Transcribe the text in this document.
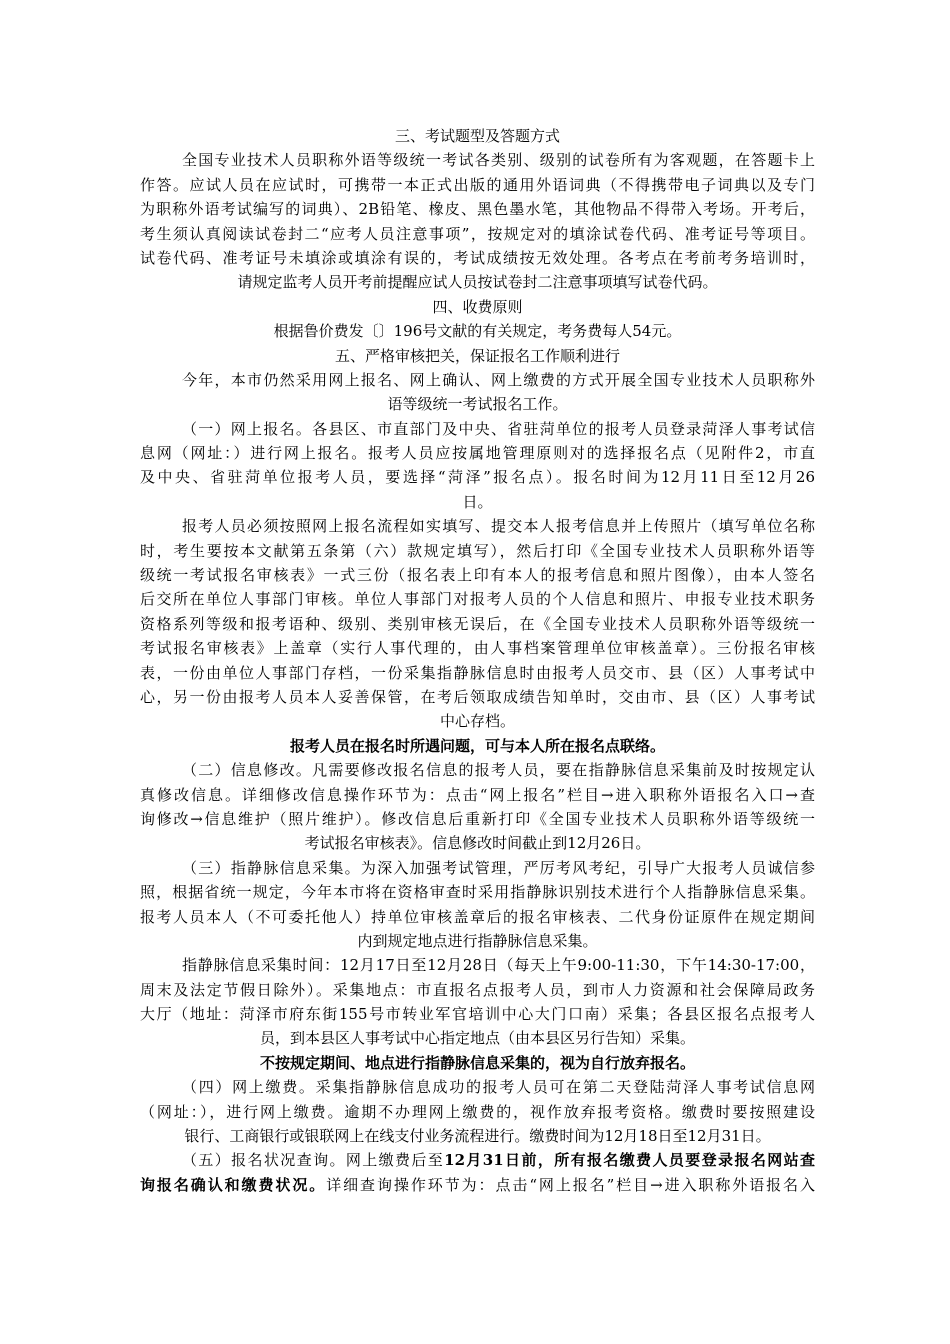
三、考试题型及答题方式
全国专业技术人员职称外语等级统一考试各类别、级别的试卷所有为客观题，在答题卡上
作答。应试人员在应试时，可携带一本正式出版的通用外语词典（不得携带电子词典以及专门
为职称外语考试编写的词典）、2B铅笔、橡皮、黑色墨水笔，其他物品不得带入考场。开考后，
考生须认真阅读试卷封二“应考人员注意事项”，按规定对的填涂试卷代码、准考证号等项目。
试卷代码、准考证号未填涂或填涂有误的，考试成绩按无效处理。各考点在考前考务培训时，
请规定监考人员开考前提醒应试人员按试卷封二注意事项填写试卷代码。
四、收费原则
根据鲁价费发〔〕196号文献的有关规定，考务费每人54元。
五、严格审核把关，保证报名工作顺利进行
今年，本市仍然采用网上报名、网上确认、网上缴费的方式开展全国专业技术人员职称外
语等级统一考试报名工作。
（一）网上报名。各县区、市直部门及中央、省驻菏单位的报考人员登录菏泽人事考试信
息网（网址：）进行网上报名。报考人员应按属地管理原则对的选择报名点（见附件2，市直
及中央、省驻菏单位报考人员，要选择“菏泽”报名点）。报名时间为12月11日至12月26
日。
报考人员必须按照网上报名流程如实填写、提交本人报考信息并上传照片（填写单位名称
时，考生要按本文献第五条第（六）款规定填写），然后打印《全国专业技术人员职称外语等
级统一考试报名审核表》一式三份（报名表上印有本人的报考信息和照片图像），由本人签名
后交所在单位人事部门审核。单位人事部门对报考人员的个人信息和照片、申报专业技术职务
资格系列等级和报考语种、级别、类别审核无误后，在《全国专业技术人员职称外语等级统一
考试报名审核表》上盖章（实行人事代理的，由人事档案管理单位审核盖章）。三份报名审核
表，一份由单位人事部门存档，一份采集指静脉信息时由报考人员交市、县（区）人事考试中
心，另一份由报考人员本人妥善保管，在考后领取成绩告知单时，交由市、县（区）人事考试
中心存档。
报考人员在报名时所遇问题，可与本人所在报名点联络。
（二）信息修改。凡需要修改报名信息的报考人员，要在指静脉信息采集前及时按规定认
真修改信息。详细修改信息操作环节为：点击“网上报名”栏目→进入职称外语报名入口→查
询修改→信息维护（照片维护）。修改信息后重新打印《全国专业技术人员职称外语等级统一
考试报名审核表》。信息修改时间截止到12月26日。
（三）指静脉信息采集。为深入加强考试管理，严厉考风考纪，引导广大报考人员诚信参
照，根据省统一规定，今年本市将在资格审查时采用指静脉识别技术进行个人指静脉信息采集。
报考人员本人（不可委托他人）持单位审核盖章后的报名审核表、二代身份证原件在规定期间
内到规定地点进行指静脉信息采集。
指静脉信息采集时间：12月17日至12月28日（每天上午9:00-11:30，下午14:30-17:00，
周末及法定节假日除外）。采集地点：市直报名点报考人员，到市人力资源和社会保障局政务
大厅（地址：菏泽市府东街155号市转业军官培训中心大门口南）采集；各县区报名点报考人
员，到本县区人事考试中心指定地点（由本县区另行告知）采集。
不按规定期间、地点进行指静脉信息采集的，视为自行放弃报名。
（四）网上缴费。采集指静脉信息成功的报考人员可在第二天登陆菏泽人事考试信息网
（网址：），进行网上缴费。逾期不办理网上缴费的，视作放弃报考资格。缴费时要按照建设
银行、工商银行或银联网上在线支付业务流程进行。缴费时间为12月18日至12月31日。
（五）报名状况查询。网上缴费后至12月31日前，所有报名缴费人员要登录报名网站查
询报名确认和缴费状况。详细查询操作环节为：点击“网上报名”栏目→进入职称外语报名入
